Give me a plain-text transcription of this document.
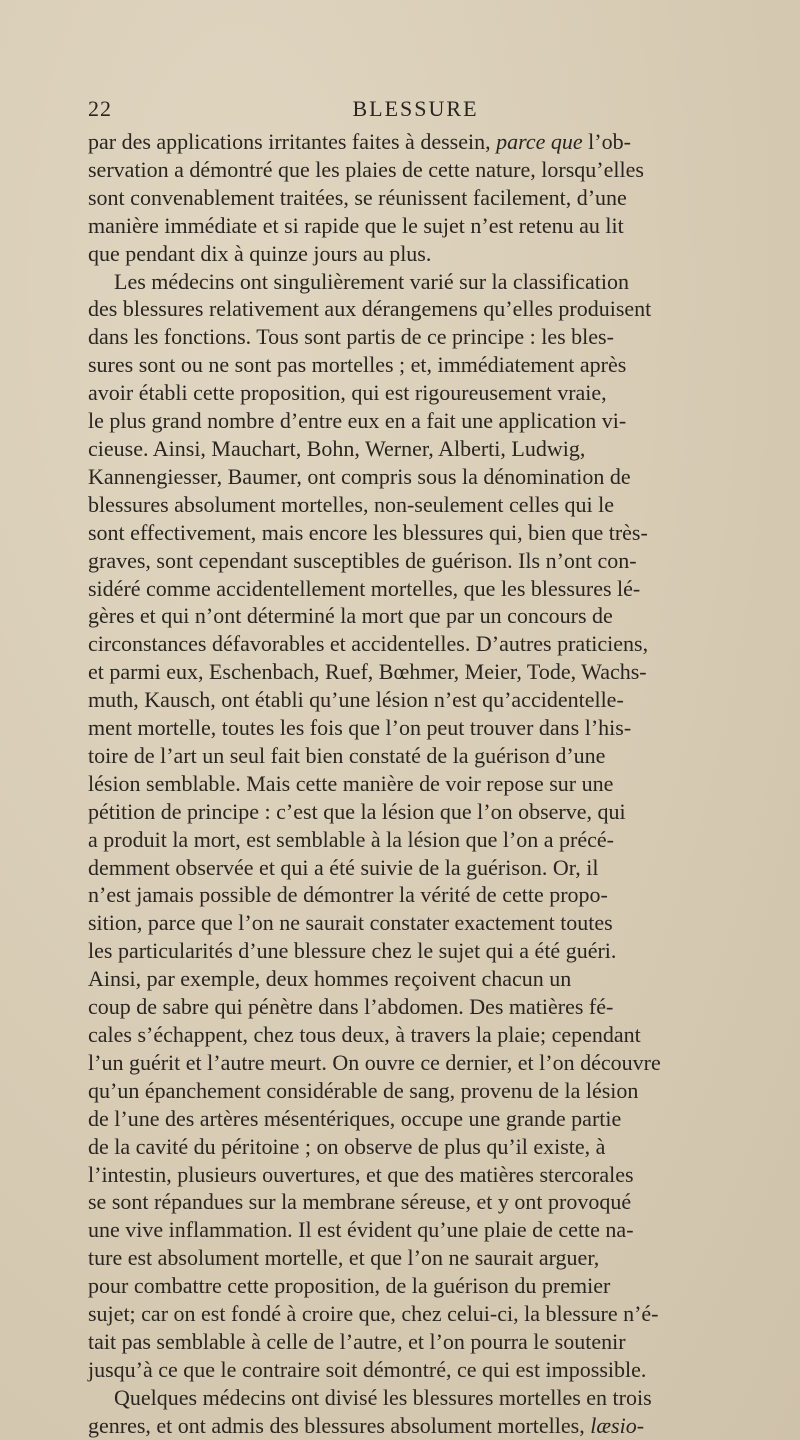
22	BLESSURE
par des applications irritantes faites à dessein, parce que l’ob-
servation a démontré que les plaies de cette nature, lorsqu’elles
sont convenablement traitées, se réunissent facilement, d’une
manière immédiate et si rapide que le sujet n’est retenu au lit
que pendant dix à quinze jours au plus.
Les médecins ont singulièrement varié sur la classification
des blessures relativement aux dérangemens qu’elles produisent
dans les fonctions. Tous sont partis de ce principe : les bles-
sures sont ou ne sont pas mortelles ; et, immédiatement après
avoir établi cette proposition, qui est rigoureusement vraie,
le plus grand nombre d’entre eux en a fait une application vi-
cieuse. Ainsi, Mauchart, Bohn, Werner, Alberti, Ludwig,
Kannengiesser, Baumer, ont compris sous la dénomination de
blessures absolument mortelles, non-seulement celles qui le
sont effectivement, mais encore les blessures qui, bien que très-
graves, sont cependant susceptibles de guérison. Ils n’ont con-
sidéré comme accidentellement mortelles, que les blessures lé-
gères et qui n’ont déterminé la mort que par un concours de
circonstances défavorables et accidentelles. D’autres praticiens,
et parmi eux, Eschenbach, Ruef, Bœhmer, Meier, Tode, Wachs-
muth, Kausch, ont établi qu’une lésion n’est qu’accidentelle-
ment mortelle, toutes les fois que l’on peut trouver dans l’his-
toire de l’art un seul fait bien constaté de la guérison d’une
lésion semblable. Mais cette manière de voir repose sur une
pétition de principe : c’est que la lésion que l’on observe, qui
a produit la mort, est semblable à la lésion que l’on a précé-
demment observée et qui a été suivie de la guérison. Or, il
n’est jamais possible de démontrer la vérité de cette propo-
sition, parce que l’on ne saurait constater exactement toutes
les particularités d’une blessure chez le sujet qui a été guéri.
Ainsi, par exemple, deux hommes reçoivent chacun un
coup de sabre qui pénètre dans l’abdomen. Des matières fé-
cales s’échappent, chez tous deux, à travers la plaie; cependant
l’un guérit et l’autre meurt. On ouvre ce dernier, et l’on découvre
qu’un épanchement considérable de sang, provenu de la lésion
de l’une des artères mésentériques, occupe une grande partie
de la cavité du péritoine ; on observe de plus qu’il existe, à
l’intestin, plusieurs ouvertures, et que des matières stercorales
se sont répandues sur la membrane séreuse, et y ont provoqué
une vive inflammation. Il est évident qu’une plaie de cette na-
ture est absolument mortelle, et que l’on ne saurait arguer,
pour combattre cette proposition, de la guérison du premier
sujet; car on est fondé à croire que, chez celui-ci, la blessure n’é-
tait pas semblable à celle de l’autre, et l’on pourra le soutenir
jusqu’à ce que le contraire soit démontré, ce qui est impossible.
Quelques médecins ont divisé les blessures mortelles en trois
genres, et ont admis des blessures absolument mortelles, læsio-
